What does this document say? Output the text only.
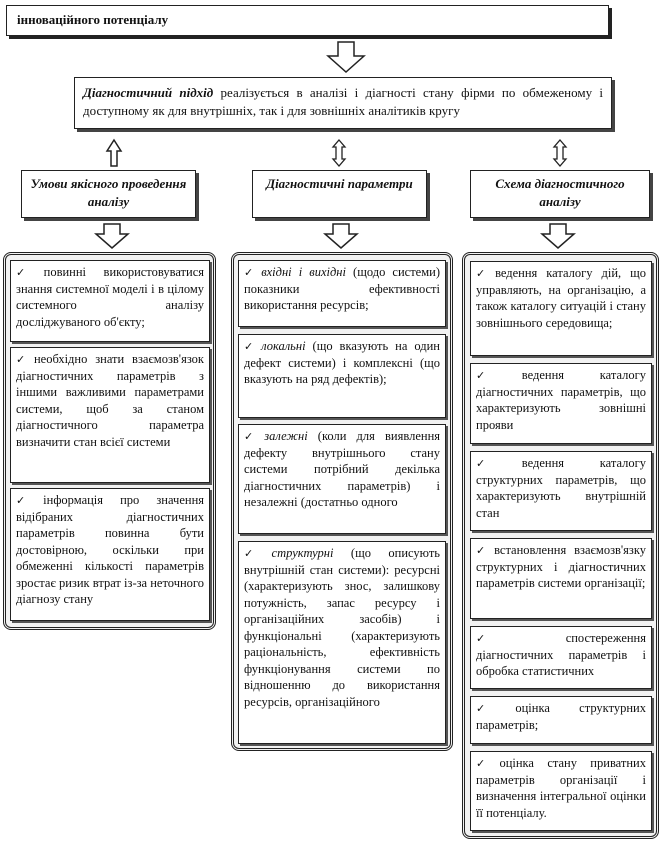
інноваційного потенціалу
Діагностичний підхід реалізується в аналізі і діагності стану фірми по обмеженому і доступному як для внутрішніх, так і для зовнішніх аналітиків кругу
Умови якісного проведення аналізу
Діагностичні параметри	Схема діагностичного аналізу
✓ повинні використовуватися знання системної моделі і в цілому системного аналізу досліджуваного об'єкту;
✓ необхідно знати взаємозв'язок діагностичних параметрів з іншими важливими параметрами системи, щоб за станом діагностичного параметра визначити стан всієї системи
✓ інформація про значення відібраних діагностичних параметрів повинна бути достовірною, оскільки при обмеженні кількості параметрів зростає ризик втрат із-за неточного діагнозу стану
✓ вхідні і вихідні (щодо системи) показники ефективності використання ресурсів;
✓ локальні (що вказують на один дефект системи) і комплексні (що вказують на ряд дефектів);
✓ залежні (коли для виявлення дефекту внутрішнього стану системи потрібний декілька діагностичних параметрів) і незалежні (достатньо одного
✓ структурні (що описують внутрішній стан системи): ресурсні (характеризують знос, залишкову потужність, запас ресурсу і організаційних засобів) і функціональні (характеризують раціональність, ефективність функціонування системи по відношенню до використання ресурсів, організаційного
✓ ведення каталогу дій, що управляють, на організацію, а також каталогу ситуацій і стану зовнішнього середовища;
✓ ведення каталогу діагностичних параметрів, що характеризують зовнішні прояви
✓ ведення каталогу структурних параметрів, що характеризують внутрішній стан
✓ встановлення взаємозв'язку структурних і діагностичних параметрів системи організації;
✓ спостереження діагностичних параметрів і обробка статистичних
✓ оцінка структурних параметрів;
✓ оцінка стану приватних параметрів організації і визначення інтегральної оцінки її потенціалу.
